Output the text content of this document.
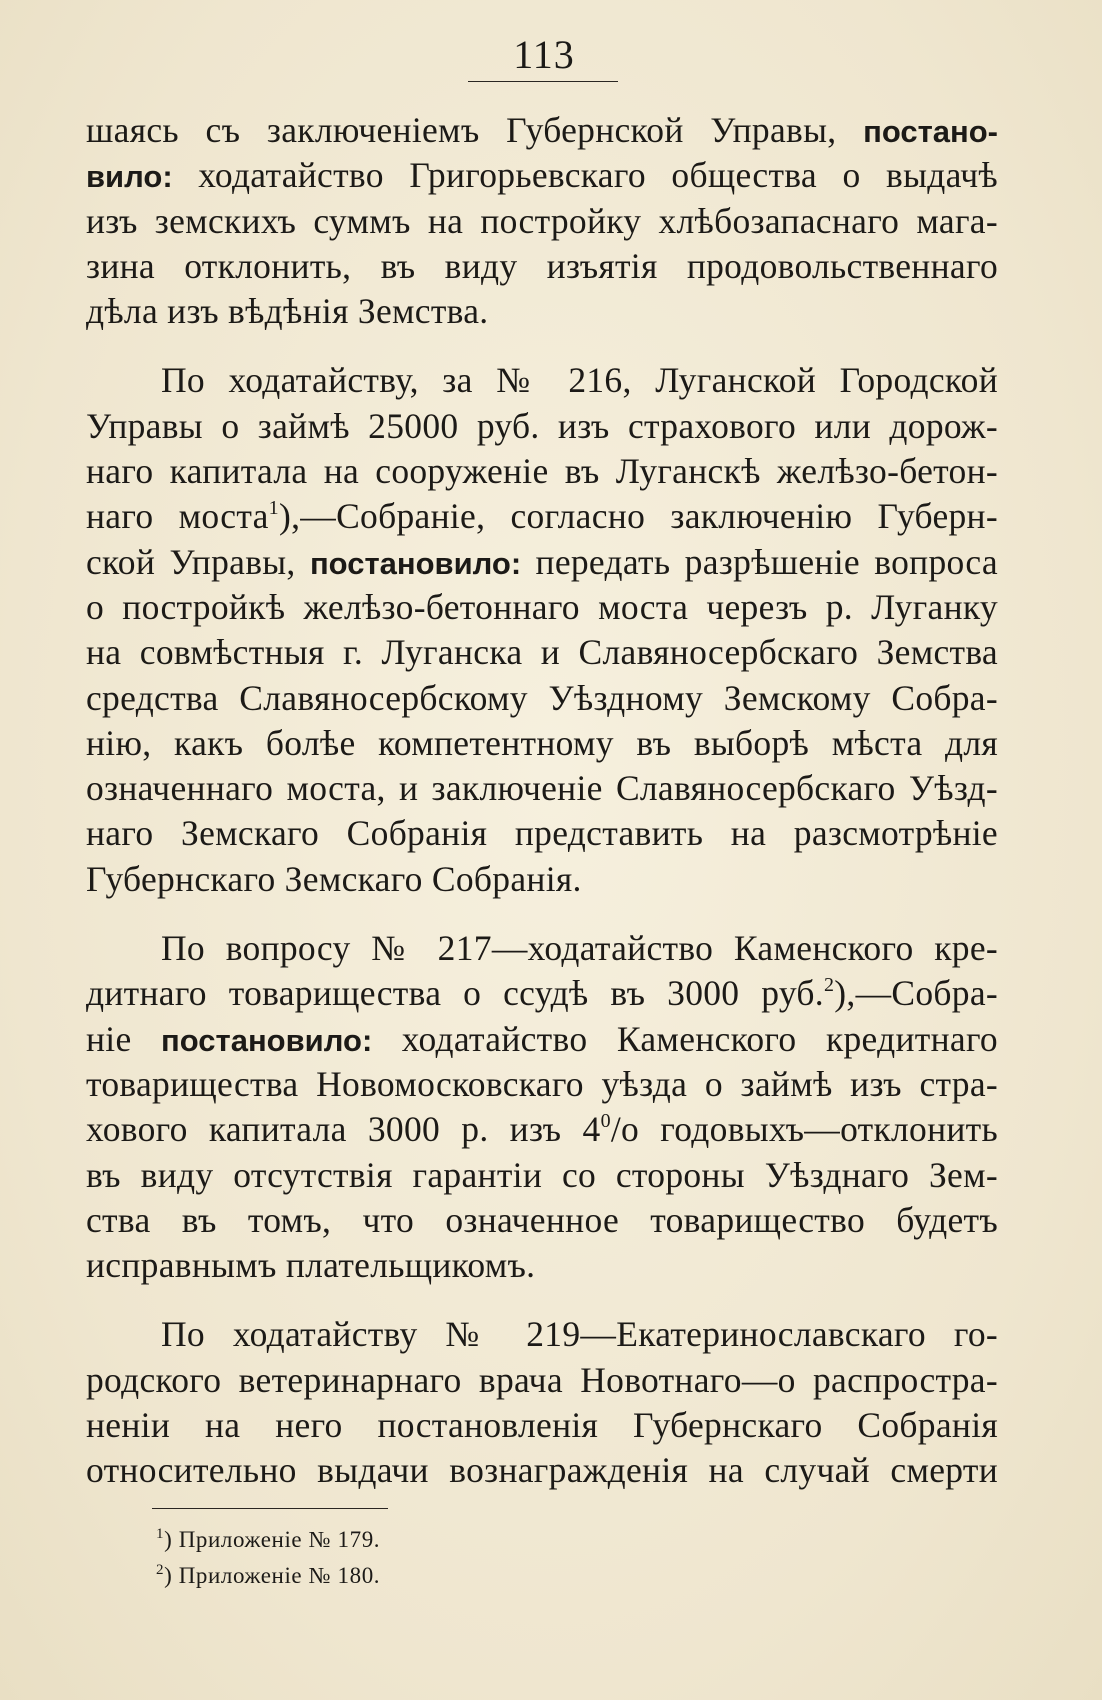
113
шаясь съ заключенiемъ Губернской Управы, постано-
вило: ходатайство Григорьевскаго общества о выдачѣ
изъ земскихъ суммъ на постройку хлѣбозапаснаго мага-
зина отклонить, въ виду изъятiя продовольственнаго
дѣла изъ вѣдѣнiя Земства.
По ходатайству, за № 216, Луганской Городской
Управы о займѣ 25000 руб. изъ страхового или дорож-
наго капитала на сооруженiе въ Луганскѣ желѣзо-бетон-
наго моста$^1$),—Собранiе, согласно заключенiю Губерн-
ской Управы, постановило: передать разрѣшенiе вопроса
о постройкѣ желѣзо-бетоннаго моста черезъ р. Луганку
на совмѣстныя г. Луганска и Славяносербскаго Земства
средства Славяносербскому Уѣздному Земскому Собра-
нiю, какъ болѣе компетентному въ выборѣ мѣста для
означеннаго моста, и заключенiе Славяносербскаго Уѣзд-
наго Земскаго Собранiя представить на разсмотрѣнiе
Губернскаго Земскаго Собранiя.
По вопросу № 217—ходатайство Каменского кре-
дитнаго товарищества о ссудѣ въ 3000 руб.$^2$),—Собра-
нiе постановило: ходатайство Каменского кредитнаго
товарищества Новомосковскаго уѣзда о займѣ изъ стра-
хового капитала 3000 р. изъ $4^0/о$ годовыхъ—отклонить
въ виду отсутствiя гарантiи со стороны Уѣзднаго Зем-
ства въ томъ, что означенное товарищество будетъ
исправнымъ плательщикомъ.
По ходатайству № 219—Екатеринославскаго го-
родского ветеринарнаго врача Новотнаго—о распростра-
ненiи на него постановленiя Губернскаго Собранiя
относительно выдачи вознагражденiя на случай смерти
$^1$) Приложенiе № 179.
$^2$) Приложенiе № 180.
